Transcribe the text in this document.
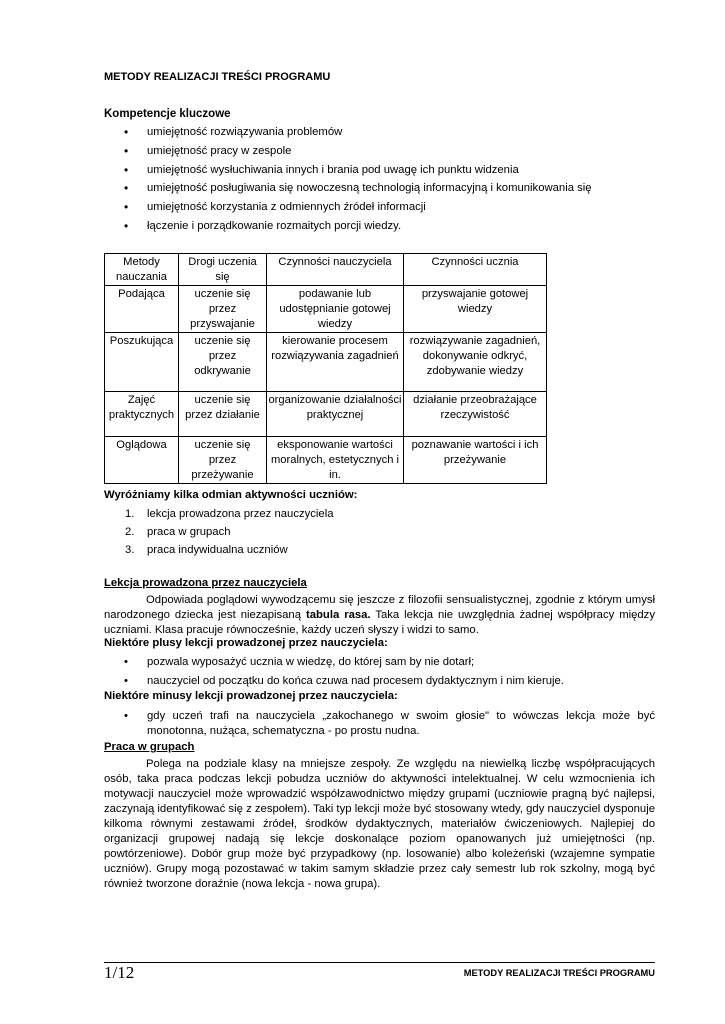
METODY REALIZACJI TREŚCI PROGRAMU
Kompetencje kluczowe
• umiejętność rozwiązywania problemów
• umiejętność pracy w zespole
• umiejętność wysłuchiwania innych i brania pod uwagę ich punktu widzenia
• umiejętność posługiwania się nowoczesną technologią informacyjną i komunikowania się
• umiejętność korzystania z odmiennych źródeł informacji
• łączenie i porządkowanie rozmaitych porcji wiedzy.
Metody nauczania	Drogi uczenia się	Czynności nauczyciela	Czynności ucznia
Podająca	uczenie się przez przyswajanie	podawanie lub udostępnianie gotowej wiedzy	przyswajanie gotowej wiedzy
Poszukująca	uczenie się przez odkrywanie	kierowanie procesem rozwiązywania zagadnień	rozwiązywanie zagadnień, dokonywanie odkryć, zdobywanie wiedzy
Zajęć praktycznych	uczenie się przez działanie	organizowanie działalności praktycznej	działanie przeobrażające rzeczywistość
Oglądowa	uczenie się przez przeżywanie	eksponowanie wartości moralnych, estetycznych i in.	poznawanie wartości i ich przeżywanie
Wyróżniamy kilka odmian aktywności uczniów:
1. lekcja prowadzona przez nauczyciela
2. praca w grupach
3. praca indywidualna uczniów
Lekcja prowadzona przez nauczyciela
Odpowiada poglądowi wywodzącemu się jeszcze z filozofii sensualistycznej, zgodnie z którym umysł narodzonego dziecka jest niezapisaną tabula rasa. Taka lekcja nie uwzględnia żadnej współpracy między uczniami. Klasa pracuje równocześnie, każdy uczeń słyszy i widzi to samo.
Niektóre plusy lekcji prowadzonej przez nauczyciela:
• pozwala wyposażyć ucznia w wiedzę, do której sam by nie dotarł;
• nauczyciel od początku do końca czuwa nad procesem dydaktycznym i nim kieruje.
Niektóre minusy lekcji prowadzonej przez nauczyciela:
• gdy uczeń trafi na nauczyciela „zakochanego w swoim głosie" to wówczas lekcja może być monotonna, nużąca, schematyczna - po prostu nudna.
Praca w grupach
Polega na podziale klasy na mniejsze zespoły. Ze względu na niewielką liczbę współpracujących osób, taka praca podczas lekcji pobudza uczniów do aktywności intelektualnej. W celu wzmocnienia ich motywacji nauczyciel może wprowadzić współzawodnictwo między grupami (uczniowie pragną być najlepsi, zaczynają identyfikować się z zespołem). Taki typ lekcji może być stosowany wtedy, gdy nauczyciel dysponuje kilkoma równymi zestawami źródeł, środków dydaktycznych, materiałów ćwiczeniowych. Najlepiej do organizacji grupowej nadają się lekcje doskonalące poziom opanowanych już umiejętności (np. powtórzeniowe). Dobór grup może być przypadkowy (np. losowanie) albo koleżeński (wzajemne sympatie uczniów). Grupy mogą pozostawać w takim samym składzie przez cały semestr lub rok szkolny, mogą być również tworzone doraźnie (nowa lekcja - nowa grupa).
1/12	METODY REALIZACJI TREŚCI PROGRAMU
